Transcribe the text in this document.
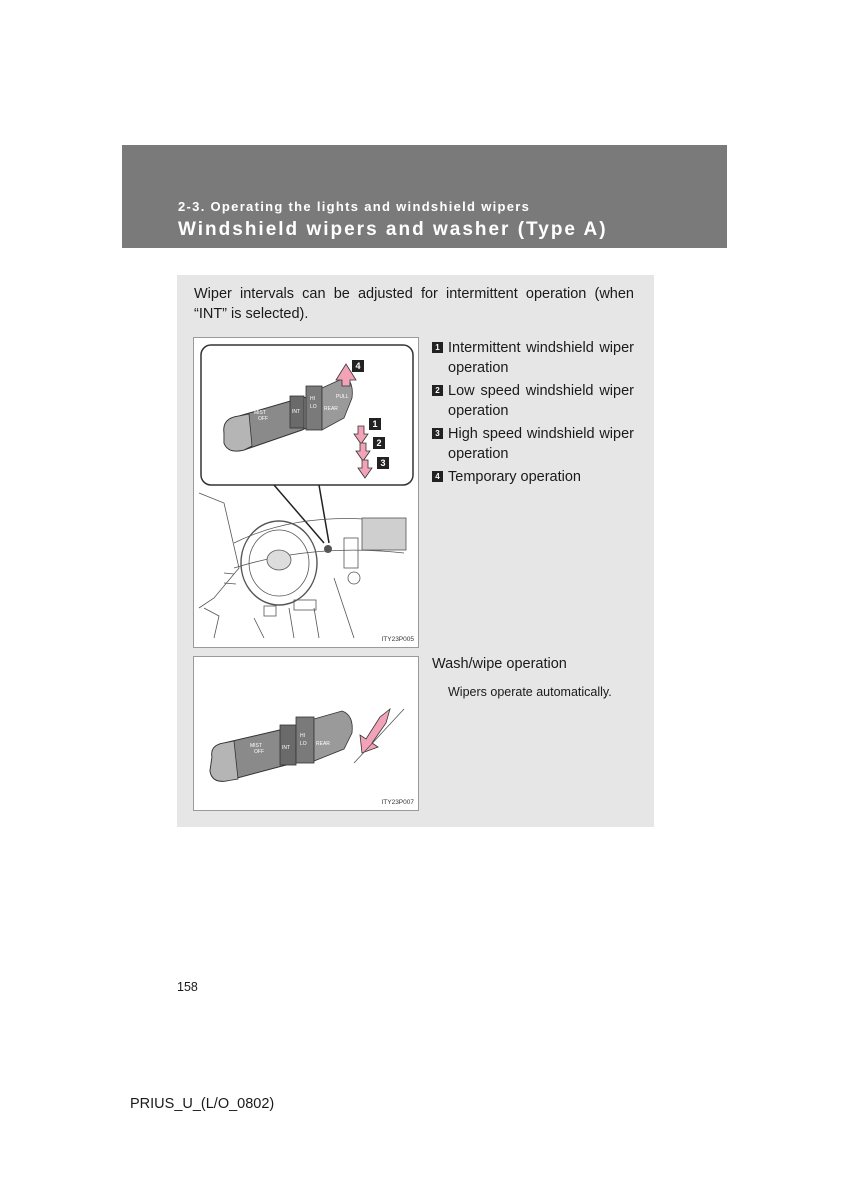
2-3. Operating the lights and windshield wipers
Windshield wipers and washer (Type A)
Wiper intervals can be adjusted for intermittent operation (when “INT” is selected).
MIST
OFF
INT
LO
HI
REAR
PULL
4
1
2
3
ITY23P005
1 Intermittent windshield wiper operation
2 Low speed windshield wiper operation
3 High speed windshield wiper operation
4 Temporary operation
MIST
OFF
INT
LO
HI
REAR
ITY23P007
Wash/wipe operation
Wipers operate automatically.
158
PRIUS_U_(L/O_0802)
